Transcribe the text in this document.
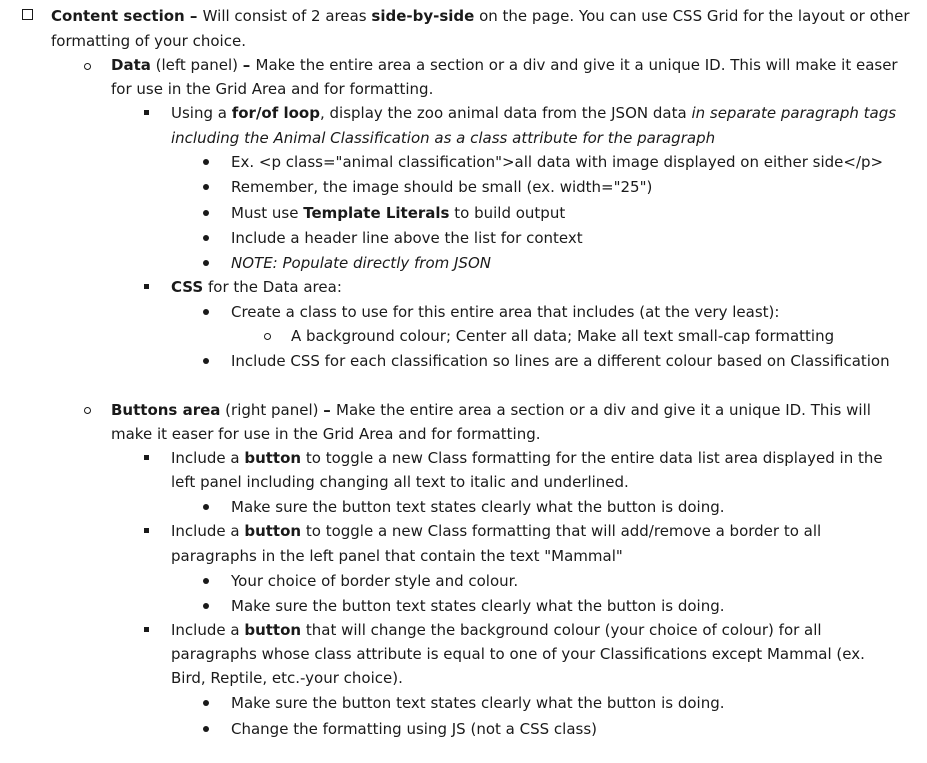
Content section – Will consist of 2 areas side-by-side on the page. You can use CSS Grid for the layout or other
formatting of your choice.
Data (left panel) – Make the entire area a section or a div and give it a unique ID. This will make it easer
for use in the Grid Area and for formatting.
Using a for/of loop, display the zoo animal data from the JSON data in separate paragraph tags
including the Animal Classification as a class attribute for the paragraph
Ex. <p class="animal classification">all data with image displayed on either side</p>
Remember, the image should be small (ex. width="25")
Must use Template Literals to build output
Include a header line above the list for context
NOTE: Populate directly from JSON
CSS for the Data area:
Create a class to use for this entire area that includes (at the very least):
A background colour; Center all data; Make all text small-cap formatting
Include CSS for each classification so lines are a different colour based on Classification
Buttons area (right panel) – Make the entire area a section or a div and give it a unique ID. This will
make it easer for use in the Grid Area and for formatting.
Include a button to toggle a new Class formatting for the entire data list area displayed in the
left panel including changing all text to italic and underlined.
Make sure the button text states clearly what the button is doing.
Include a button to toggle a new Class formatting that will add/remove a border to all
paragraphs in the left panel that contain the text "Mammal"
Your choice of border style and colour.
Make sure the button text states clearly what the button is doing.
Include a button that will change the background colour (your choice of colour) for all
paragraphs whose class attribute is equal to one of your Classifications except Mammal (ex.
Bird, Reptile, etc.-your choice).
Make sure the button text states clearly what the button is doing.
Change the formatting using JS (not a CSS class)
